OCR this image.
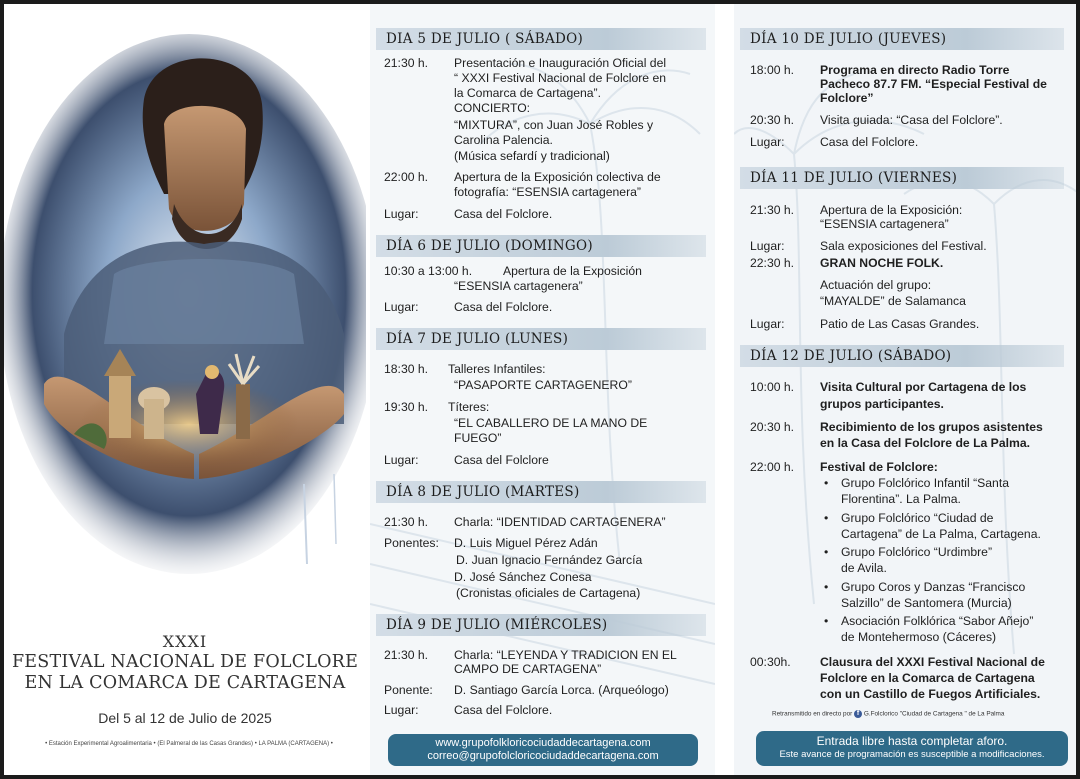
XXXI
FESTIVAL NACIONAL DE FOLCLORE
EN LA COMARCA DE CARTAGENA
Del 5 al 12 de Julio de 2025
• Estación Experimental Agroalimentaria • (El Palmeral de las Casas Grandes) • LA PALMA (CARTAGENA) •
DIA 5 DE JULIO ( SÁBADO)
21:30 h. Presentación e Inauguración Oficial del
“ XXXI Festival Nacional de Folclore en
la Comarca de Cartagena”.
CONCIERTO:
“MIXTURA”, con Juan José Robles y
Carolina Palencia.
(Música sefardí y tradicional)
22:00 h. Apertura de la Exposición colectiva de
fotografía: “ESENSIA cartagenera”
Lugar:	Casa del Folclore.
DÍA 6 DE JULIO (DOMINGO)
10:30 a 13:00 h.	Apertura de la Exposición
“ESENSIA cartagenera”
Lugar:	Casa del Folclore.
DÍA 7 DE JULIO (LUNES)
18:30 h. Talleres Infantiles:
“PASAPORTE CARTAGENERO”
19:30 h. Títeres:
“EL CABALLERO DE LA MANO DE
FUEGO”
Lugar:	Casa del Folclore
DÍA 8 DE JULIO (MARTES)
21:30 h. Charla: “IDENTIDAD CARTAGENERA”
Ponentes: D. Luis Miguel Pérez Adán
D. Juan Ignacio Fernández García
D. José Sánchez Conesa
(Cronistas oficiales de Cartagena)
DÍA 9 DE JULIO (MIÉRCOLES)
21:30 h. Charla: “LEYENDA Y TRADICION EN EL
CAMPO DE CARTAGENA”
Ponente: D. Santiago García Lorca. (Arqueólogo)
Lugar:	Casa del Folclore.
www.grupofolkloricociudaddecartagena.com
correo@grupofolcloricociudaddecartagena.com
DÍA 10 DE JULIO (JUEVES)
18:00 h. Programa en directo Radio Torre
Pacheco 87.7 FM. “Especial Festival de
Folclore”
20:30 h. Visita guiada: “Casa del Folclore”.
Lugar:	Casa del Folclore.
DÍA 11 DE JULIO (VIERNES)
21:30 h. Apertura de la Exposición:
“ESENSIA cartagenera”
Lugar:	Sala exposiciones del Festival.
22:30 h. GRAN NOCHE FOLK.
Actuación del grupo:
“MAYALDE” de Salamanca
Lugar:	Patio de Las Casas Grandes.
DÍA 12 DE JULIO (SÁBADO)
10:00 h. Visita Cultural por Cartagena de los
grupos participantes.
20:30 h. Recibimiento de los grupos asistentes
en la Casa del Folclore de La Palma.
22:00 h. Festival de Folclore:
• Grupo Folclórico Infantil “Santa
Florentina”. La Palma.
• Grupo Folclórico “Ciudad de
Cartagena” de La Palma, Cartagena.
• Grupo Folclórico “Urdimbre”
de Avila.
• Grupo Coros y Danzas “Francisco
Salzillo” de Santomera (Murcia)
• Asociación Folklórica “Sabor Añejo”
de Montehermoso (Cáceres)
00:30h. Clausura del XXXI Festival Nacional de
Folclore en la Comarca de Cartagena
con un Castillo de Fuegos Artificiales.
Retransmitido en directo por f G.Folclorico "Ciudad de Cartagena " de La Palma
Entrada libre hasta completar aforo.
Este avance de programación es susceptible a modificaciones.
